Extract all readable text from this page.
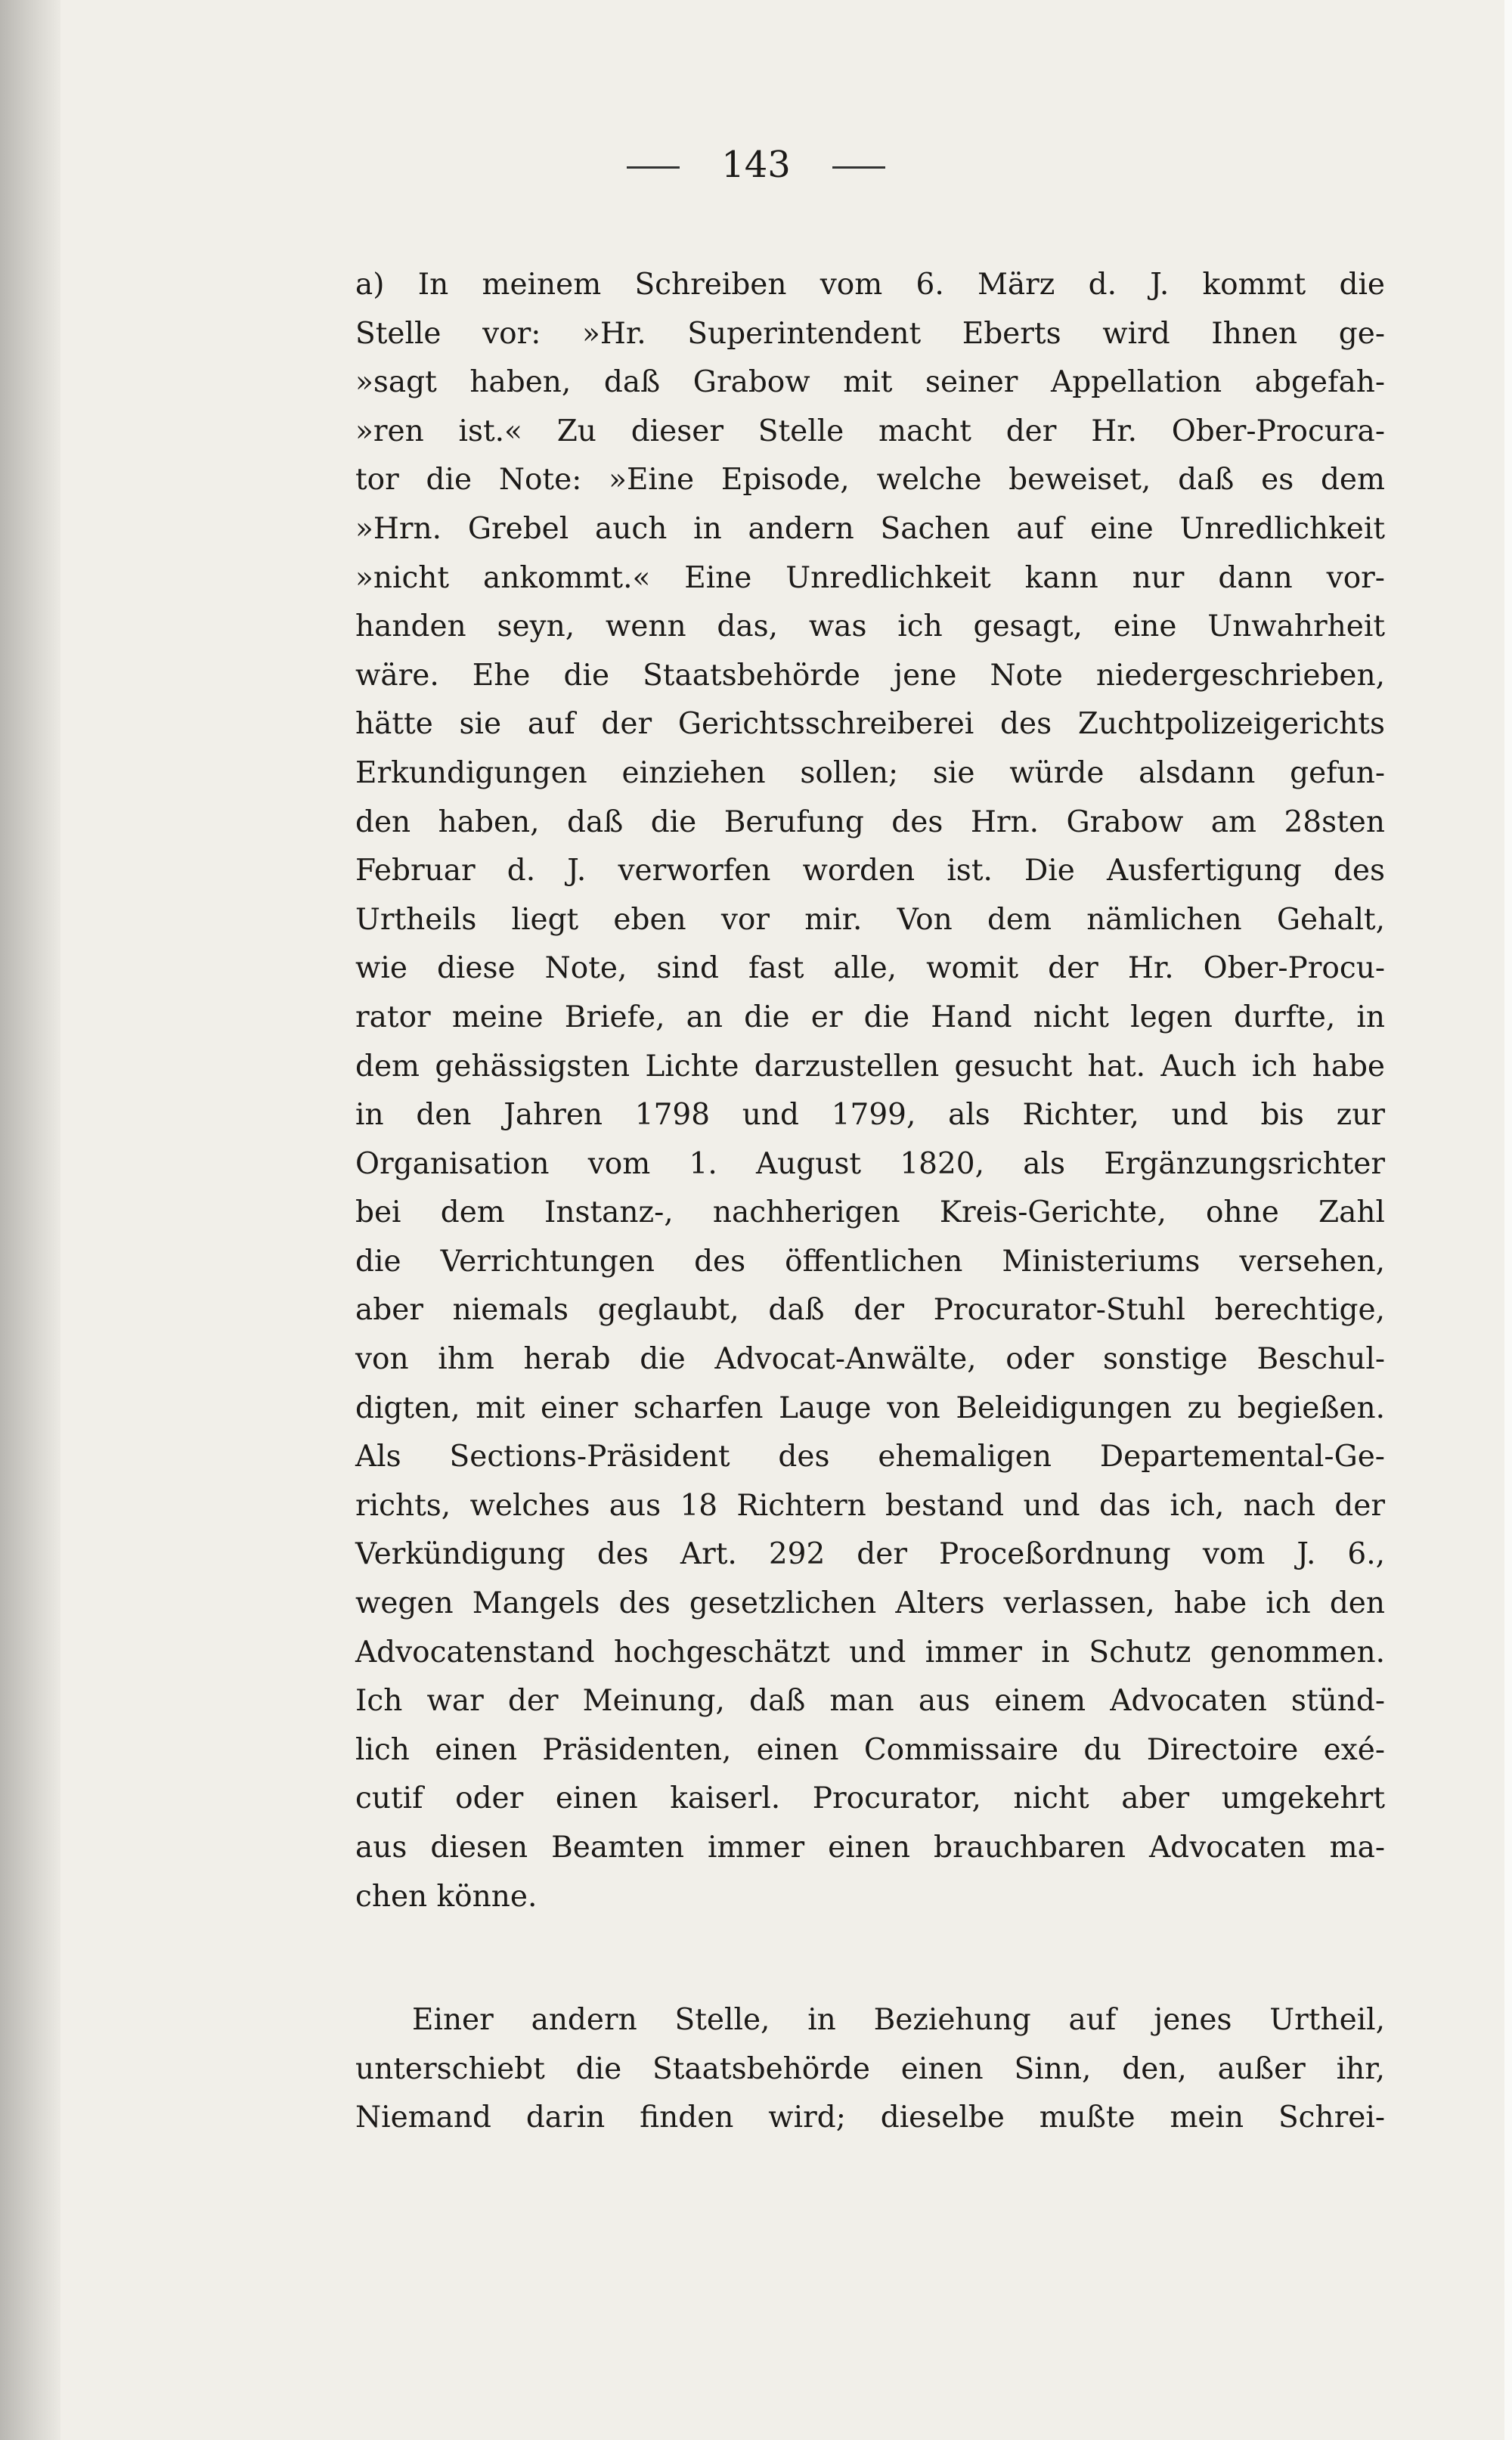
143
a) In meinem Schreiben vom 6. März d. J. kommt die
Stelle vor: »Hr. Superintendent Eberts wird Ihnen ge-
»sagt haben, daß Grabow mit seiner Appellation abgefah-
»ren ist.« Zu dieser Stelle macht der Hr. Ober-Procura-
tor die Note: »Eine Episode, welche beweiset, daß es dem
»Hrn. Grebel auch in andern Sachen auf eine Unredlichkeit
»nicht ankommt.« Eine Unredlichkeit kann nur dann vor-
handen seyn, wenn das, was ich gesagt, eine Unwahrheit
wäre. Ehe die Staatsbehörde jene Note niedergeschrieben,
hätte sie auf der Gerichtsschreiberei des Zuchtpolizeigerichts
Erkundigungen einziehen sollen; sie würde alsdann gefun-
den haben, daß die Berufung des Hrn. Grabow am 28sten
Februar d. J. verworfen worden ist. Die Ausfertigung des
Urtheils liegt eben vor mir. Von dem nämlichen Gehalt,
wie diese Note, sind fast alle, womit der Hr. Ober-Procu-
rator meine Briefe, an die er die Hand nicht legen durfte, in
dem gehässigsten Lichte darzustellen gesucht hat. Auch ich habe
in den Jahren 1798 und 1799, als Richter, und bis zur
Organisation vom 1. August 1820, als Ergänzungsrichter
bei dem Instanz-, nachherigen Kreis-Gerichte, ohne Zahl
die Verrichtungen des öffentlichen Ministeriums versehen,
aber niemals geglaubt, daß der Procurator-Stuhl berechtige,
von ihm herab die Advocat-Anwälte, oder sonstige Beschul-
digten, mit einer scharfen Lauge von Beleidigungen zu begießen.
Als Sections-Präsident des ehemaligen Departemental-Ge-
richts, welches aus 18 Richtern bestand und das ich, nach der
Verkündigung des Art. 292 der Proceßordnung vom J. 6.,
wegen Mangels des gesetzlichen Alters verlassen, habe ich den
Advocatenstand hochgeschätzt und immer in Schutz genommen.
Ich war der Meinung, daß man aus einem Advocaten stünd-
lich einen Präsidenten, einen Commissaire du Directoire exé-
cutif oder einen kaiserl. Procurator, nicht aber umgekehrt
aus diesen Beamten immer einen brauchbaren Advocaten ma-
chen könne.
Einer andern Stelle, in Beziehung auf jenes Urtheil,
unterschiebt die Staatsbehörde einen Sinn, den, außer ihr,
Niemand darin finden wird; dieselbe mußte mein Schrei-
